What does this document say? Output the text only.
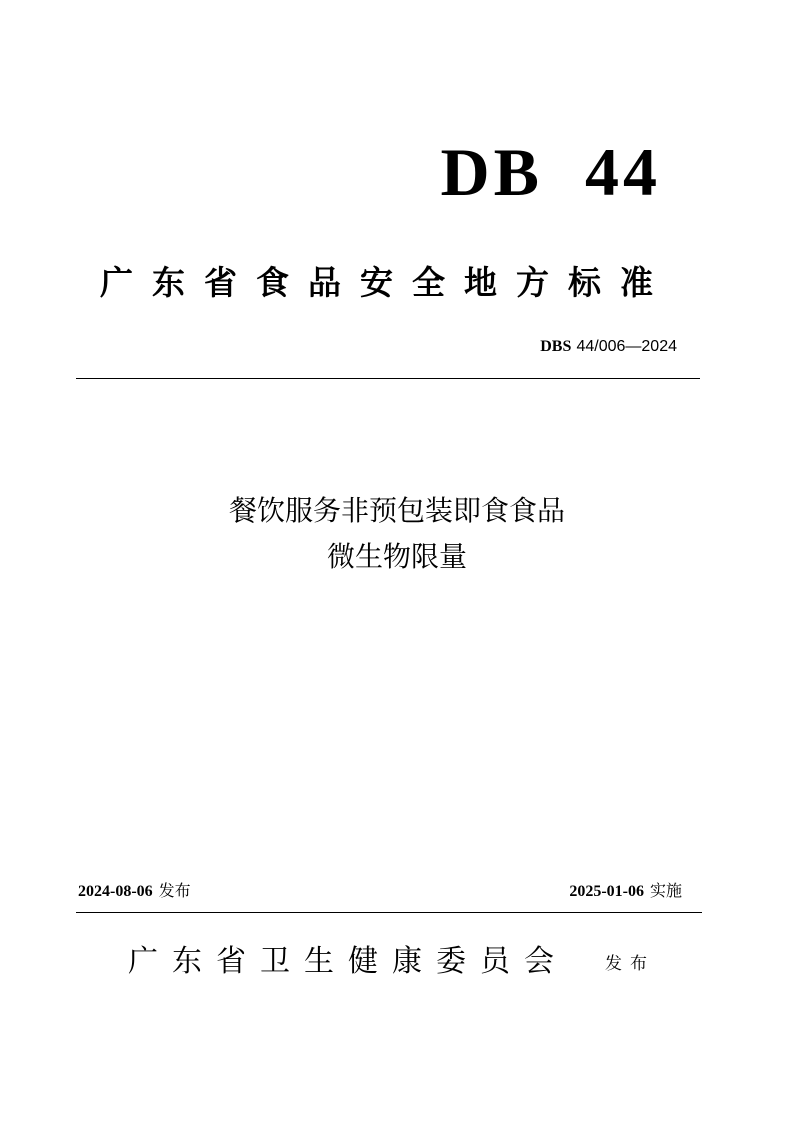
DB  44
广东省食品安全地方标准
DBS 44/006—2024
餐饮服务非预包装即食食品
微生物限量
2024-08-06 发布	2025-01-06 实施
广东省卫生健康委员会 发布
